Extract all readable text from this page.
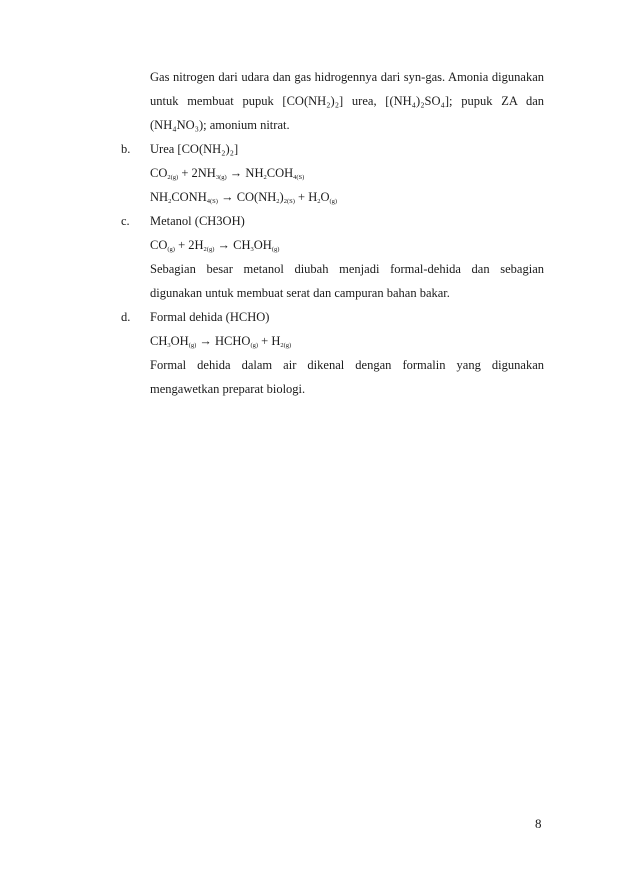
Gas nitrogen dari udara dan gas hidrogennya dari syn-gas. Amonia digunakan
untuk membuat pupuk [CO(NH₂)₂] urea, [(NH₄)₂SO₄]; pupuk ZA dan
(NH₄NO₃); amonium nitrat.
b. Urea [CO(NH₂)₂]
$CO_{2(g)} + 2NH_{3(g)} \to NH_2COH_{4(S)}$
$NH_2CONH_{4(S)} \to CO(NH_2)_{2(S)} + H_2O_{(g)}$
c. Metanol (CH3OH)
$CO_{(g)} + 2H_{2(g)} \to CH_3OH_{(g)}$
Sebagian besar metanol diubah menjadi formal-dehida dan sebagian
digunakan untuk membuat serat dan campuran bahan bakar.
d. Formal dehida (HCHO)
$CH_3OH_{(g)}$ → $HCHO_{(g)} + H_{2(g)}$
Formal dehida dalam air dikenal dengan formalin yang digunakan
mengawetkan preparat biologi.
8
